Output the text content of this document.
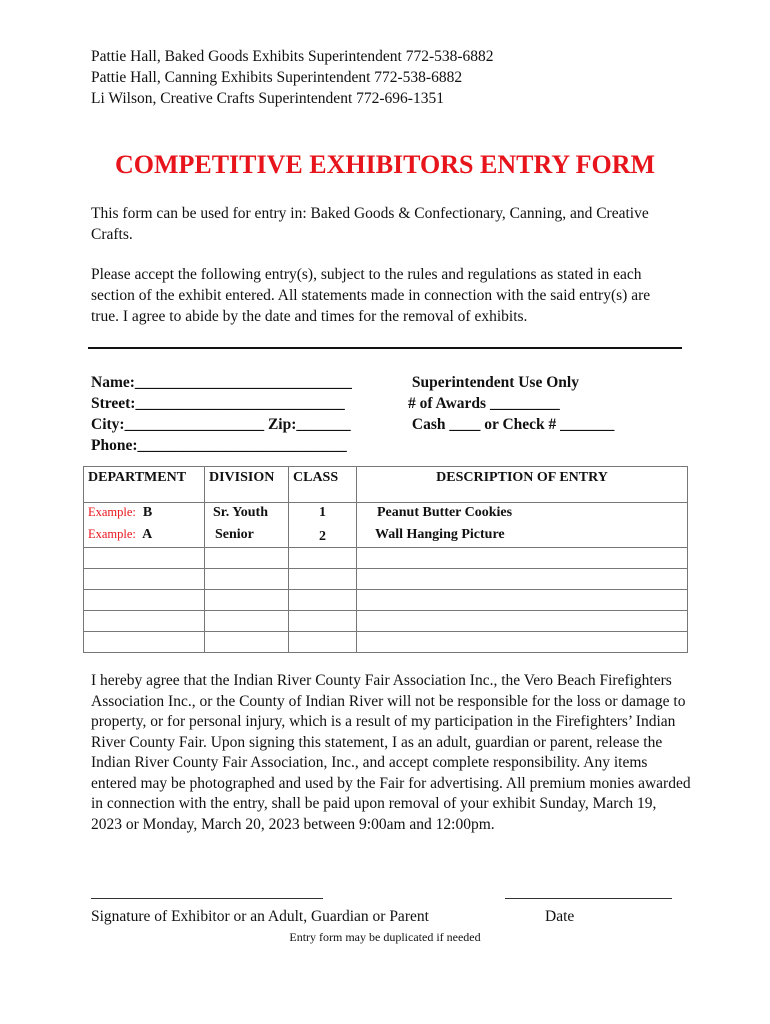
Pattie Hall, Baked Goods Exhibits Superintendent 772-538-6882
Pattie Hall, Canning Exhibits Superintendent 772-538-6882
Li Wilson, Creative Crafts Superintendent 772-696-1351
COMPETITIVE EXHIBITORS ENTRY FORM
This form can be used for entry in: Baked Goods & Confectionary, Canning, and Creative Crafts.
Please accept the following entry(s), subject to the rules and regulations as stated in each section of the exhibit entered. All statements made in connection with the said entry(s) are true. I agree to abide by the date and times for the removal of exhibits.
Name:____________________________
Street:___________________________
City:__________________ Zip:_______
Phone:___________________________
Superintendent Use Only
# of Awards _________
Cash ____ or Check # _______
DEPARTMENT	DIVISION	CLASS	DESCRIPTION OF ENTRY
Example: B	Sr. Youth	1	Peanut Butter Cookies
Example: A	Senior	2	Wall Hanging Picture

I hereby agree that the Indian River County Fair Association Inc., the Vero Beach Firefighters Association Inc., or the County of Indian River will not be responsible for the loss or damage to property, or for personal injury, which is a result of my participation in the Firefighters’ Indian River County Fair. Upon signing this statement, I as an adult, guardian or parent, release the Indian River County Fair Association, Inc., and accept complete responsibility. Any items entered may be photographed and used by the Fair for advertising. All premium monies awarded in connection with the entry, shall be paid upon removal of your exhibit Sunday, March 19, 2023 or Monday, March 20, 2023 between 9:00am and 12:00pm.
Signature of Exhibitor or an Adult, Guardian or Parent	Date
Entry form may be duplicated if needed
